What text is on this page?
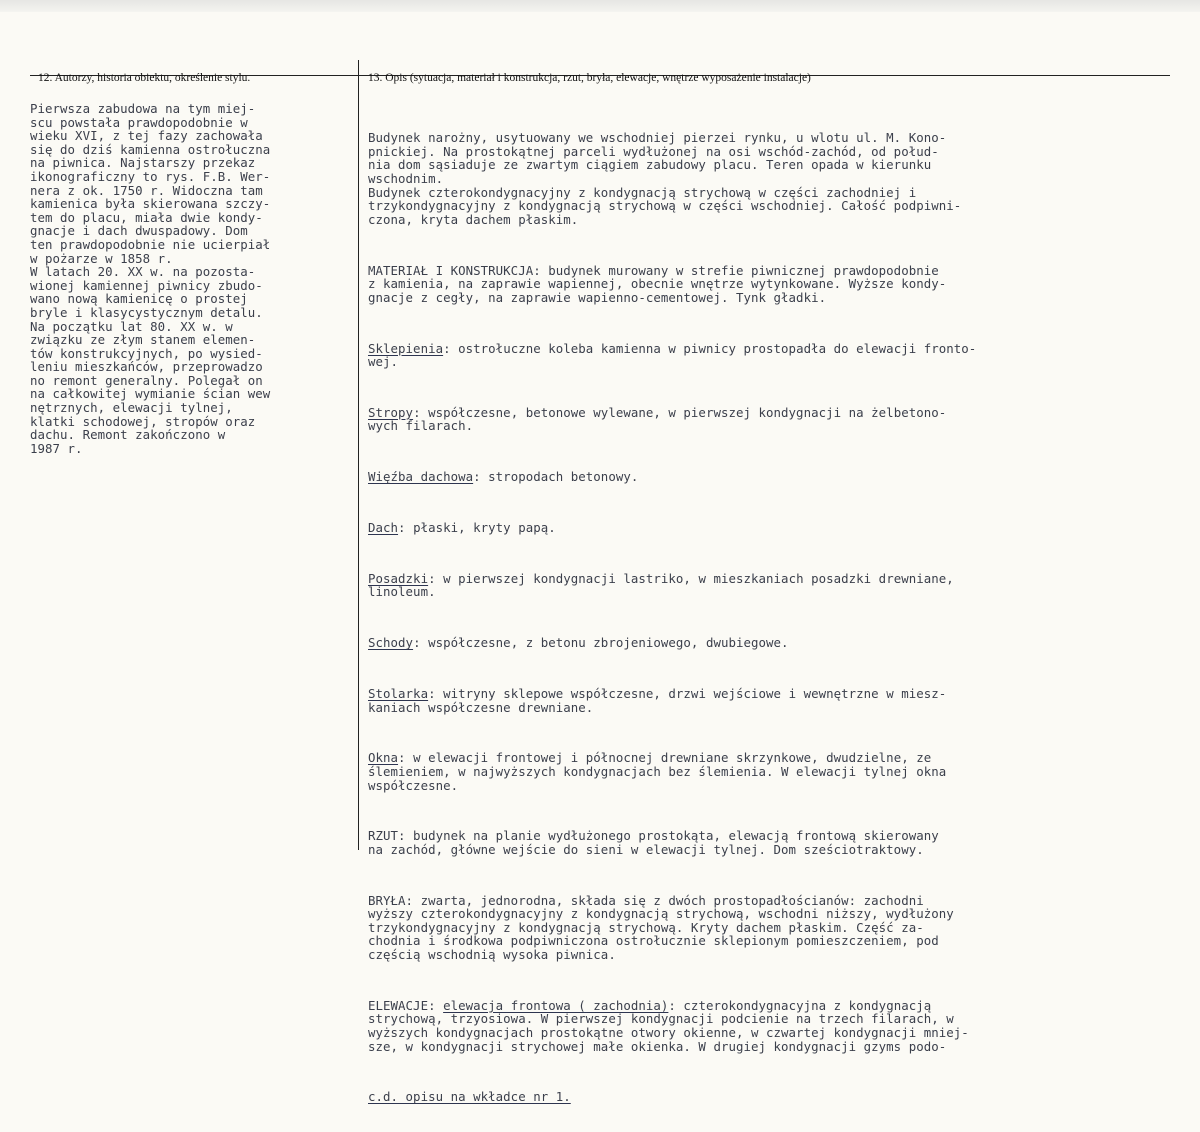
12. Autorzy, historia obiektu, określenie stylu.	13. Opis (sytuacja, materiał i konstrukcja, rzut, bryła, elewacje, wnętrze wyposażenie instalacje)

Pierwsza zabudowa na tym miej-
scu powstała prawdopodobnie w
wieku XVI, z tej fazy zachowała
się do dziś kamienna ostrołuczna
na piwnica. Najstarszy przekaz
ikonograficzny to rys. F.B. Wer-
nera z ok. 1750 r. Widoczna tam
kamienica była skierowana szczy-
tem do placu, miała dwie kondy-
gnacje i dach dwuspadowy. Dom
ten prawdopodobnie nie ucierpiał
w pożarze w 1858 r.

W latach 20. XX w. na pozosta-
wionej kamiennej piwnicy zbudo-
wano nową kamienicę o prostej
bryle i klasycystycznym detalu.
Na początku lat 80. XX w. w
związku ze złym stanem elemen-
tów konstrukcyjnych, po wysied-
leniu mieszkańców, przeprowadzo
no remont generalny. Polegał on
na całkowitej wymianie ścian wew
nętrznych, elewacji tylnej,
klatki schodowej, stropów oraz
dachu. Remont zakończono w
1987 r.

Budynek narożny, usytuowany we wschodniej pierzei rynku, u wlotu ul. M. Kono-
pnickiej. Na prostokątnej parceli wydłużonej na osi wschód-zachód, od połud-
nia dom sąsiaduje ze zwartym ciągiem zabudowy placu. Teren opada w kierunku
wschodnim.
Budynek czterokondygnacyjny z kondygnacją strychową w części zachodniej i
trzykondygnacyjny z kondygnacją strychową w części wschodniej. Całość podpiwni-
czona, kryta dachem płaskim.

MATERIAŁ I KONSTRUKCJA: budynek murowany w strefie piwnicznej prawdopodobnie
z kamienia, na zaprawie wapiennej, obecnie wnętrze wytynkowane. Wyższe kondy-
gnacje z cegły, na zaprawie wapienno-cementowej. Tynk gładki.

Sklepienia: ostrołuczne koleba kamienna w piwnicy prostopadła do elewacji fronto-
wej.

Stropy: współczesne, betonowe wylewane, w pierwszej kondygnacji na żelbetono-
wych filarach.

Więźba dachowa: stropodach betonowy.

Dach: płaski, kryty papą.

Posadzki: w pierwszej kondygnacji lastriko, w mieszkaniach posadzki drewniane,
linoleum.

Schody: współczesne, z betonu zbrojeniowego, dwubiegowe.

Stolarka: witryny sklepowe współczesne, drzwi wejściowe i wewnętrzne w miesz-
kaniach współczesne drewniane.

Okna: w elewacji frontowej i północnej drewniane skrzynkowe, dwudzielne, ze
ślemieniem, w najwyższych kondygnacjach bez ślemienia. W elewacji tylnej okna
współczesne.

RZUT: budynek na planie wydłużonego prostokąta, elewacją frontową skierowany
na zachód, główne wejście do sieni w elewacji tylnej. Dom sześciotraktowy.

BRYŁA: zwarta, jednorodna, składa się z dwóch prostopadłościanów: zachodni
wyższy czterokondygnacyjny z kondygnacją strychową, wschodni niższy, wydłużony
trzykondygnacyjny z kondygnacją strychową. Kryty dachem płaskim. Część za-
chodnia i środkowa podpiwniczona ostrołucznie sklepionym pomieszczeniem, pod
częścią wschodnią wysoka piwnica.

ELEWACJE: elewacja frontowa ( zachodnia): czterokondygnacyjna z kondygnacją
strychową, trzyosiowa. W pierwszej kondygnacji podcienie na trzech filarach, w
wyższych kondygnacjach prostokątne otwory okienne, w czwartej kondygnacji mniej-
sze, w kondygnacji strychowej małe okienka. W drugiej kondygnacji gzyms podo-

c.d. opisu na wkładce nr 1.
